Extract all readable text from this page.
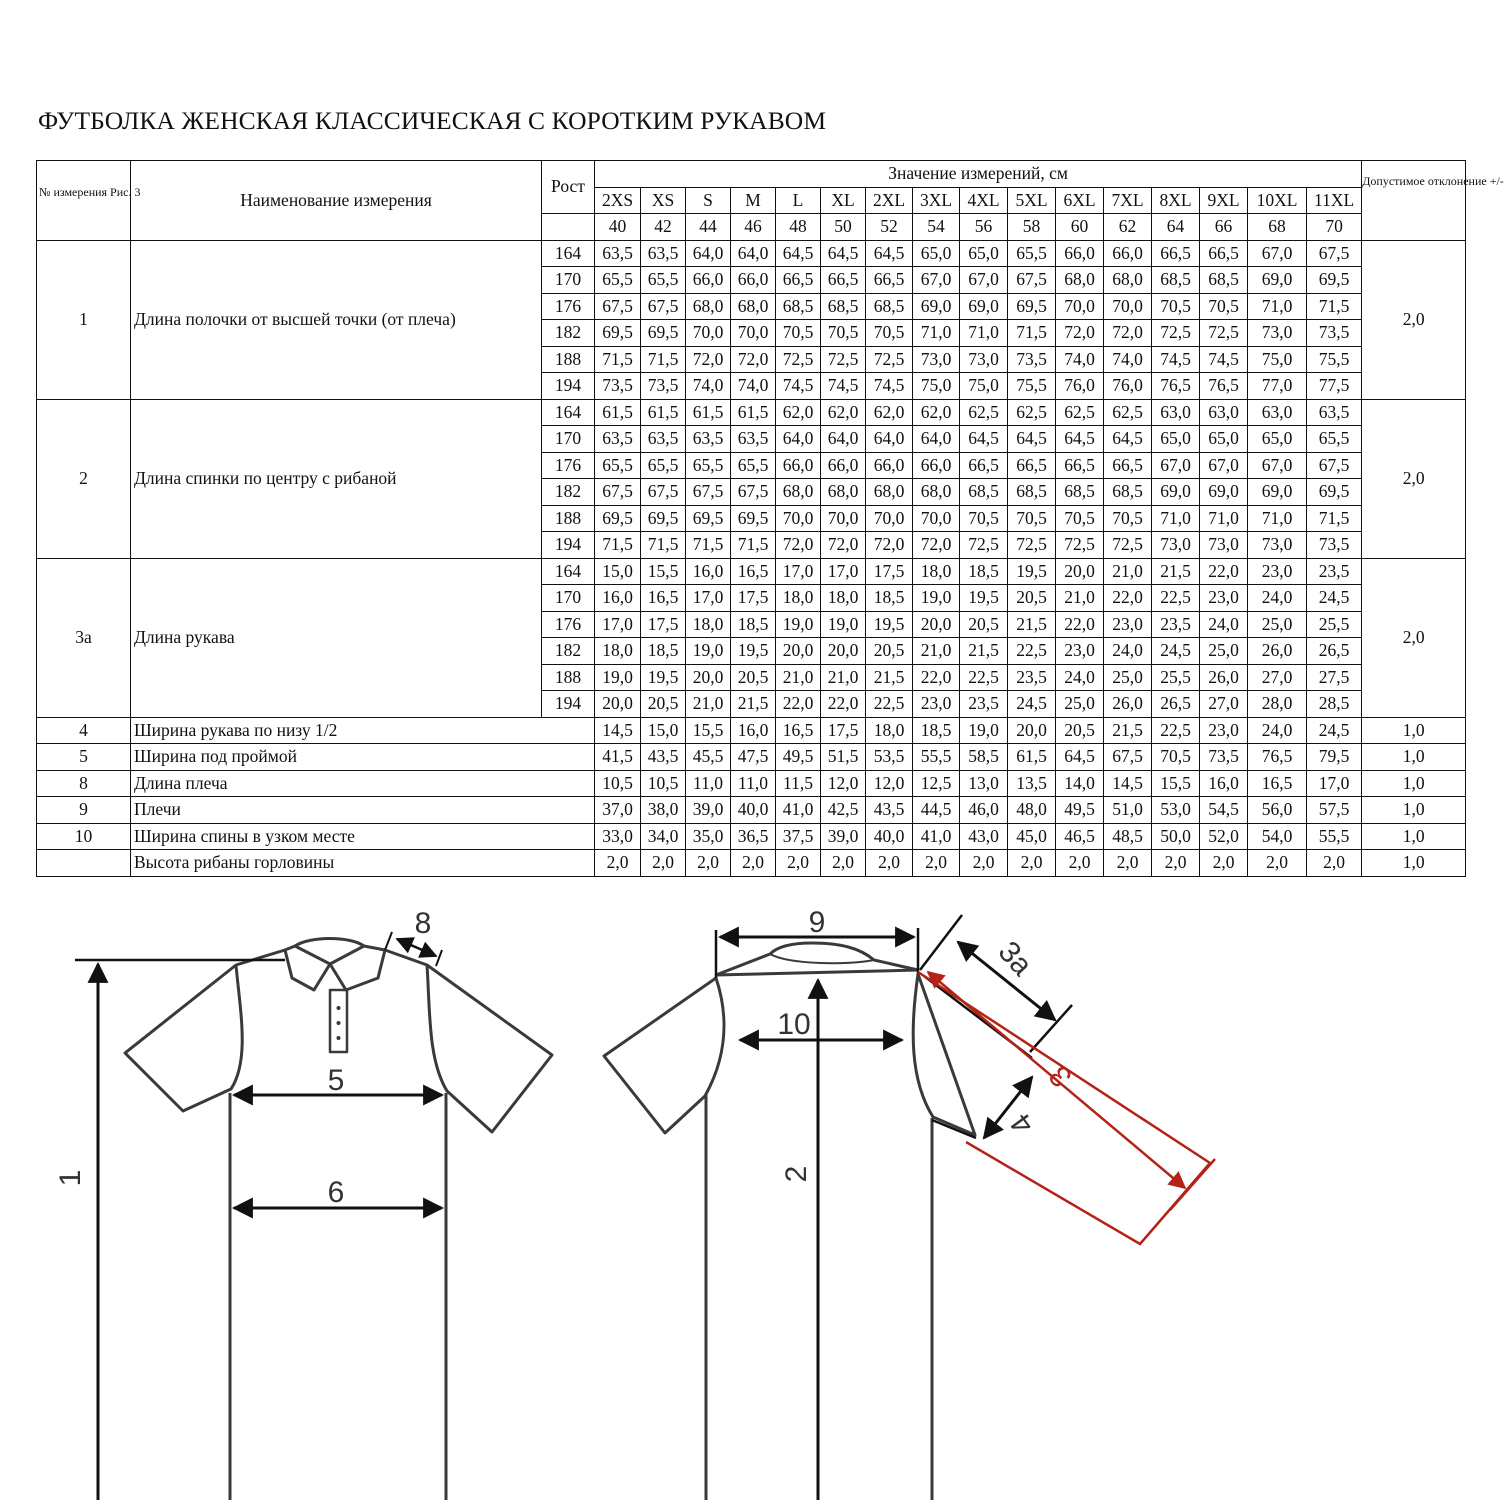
ФУТБОЛКА ЖЕНСКАЯ КЛАССИЧЕСКАЯ С КОРОТКИМ РУКАВОМ
№ измерения Рис. 3	Наименование измерения	Рост	Значение измерений, см																Допустимое отклонение +/-
			2XS	XS	S	M	L	XL	2XL	3XL	4XL	5XL	6XL	7XL	8XL	9XL	10XL	11XL	
			40	42	44	46	48	50	52	54	56	58	60	62	64	66	68	70	
1	Длина полочки от высшей точки (от плеча)	164	63,5	63,5	64,0	64,0	64,5	64,5	64,5	65,0	65,0	65,5	66,0	66,0	66,5	66,5	67,0	67,5	2,0
		170	65,5	65,5	66,0	66,0	66,5	66,5	66,5	67,0	67,0	67,5	68,0	68,0	68,5	68,5	69,0	69,5	
		176	67,5	67,5	68,0	68,0	68,5	68,5	68,5	69,0	69,0	69,5	70,0	70,0	70,5	70,5	71,0	71,5	
		182	69,5	69,5	70,0	70,0	70,5	70,5	70,5	71,0	71,0	71,5	72,0	72,0	72,5	72,5	73,0	73,5	
		188	71,5	71,5	72,0	72,0	72,5	72,5	72,5	73,0	73,0	73,5	74,0	74,0	74,5	74,5	75,0	75,5	
		194	73,5	73,5	74,0	74,0	74,5	74,5	74,5	75,0	75,0	75,5	76,0	76,0	76,5	76,5	77,0	77,5	
2	Длина спинки по центру с рибаной	164	61,5	61,5	61,5	61,5	62,0	62,0	62,0	62,0	62,5	62,5	62,5	62,5	63,0	63,0	63,0	63,5	2,0
		170	63,5	63,5	63,5	63,5	64,0	64,0	64,0	64,0	64,5	64,5	64,5	64,5	65,0	65,0	65,0	65,5	
		176	65,5	65,5	65,5	65,5	66,0	66,0	66,0	66,0	66,5	66,5	66,5	66,5	67,0	67,0	67,0	67,5	
		182	67,5	67,5	67,5	67,5	68,0	68,0	68,0	68,0	68,5	68,5	68,5	68,5	69,0	69,0	69,0	69,5	
		188	69,5	69,5	69,5	69,5	70,0	70,0	70,0	70,0	70,5	70,5	70,5	70,5	71,0	71,0	71,0	71,5	
		194	71,5	71,5	71,5	71,5	72,0	72,0	72,0	72,0	72,5	72,5	72,5	72,5	73,0	73,0	73,0	73,5	
3а	Длина рукава	164	15,0	15,5	16,0	16,5	17,0	17,0	17,5	18,0	18,5	19,5	20,0	21,0	21,5	22,0	23,0	23,5	2,0
		170	16,0	16,5	17,0	17,5	18,0	18,0	18,5	19,0	19,5	20,5	21,0	22,0	22,5	23,0	24,0	24,5	
		176	17,0	17,5	18,0	18,5	19,0	19,0	19,5	20,0	20,5	21,5	22,0	23,0	23,5	24,0	25,0	25,5	
		182	18,0	18,5	19,0	19,5	20,0	20,0	20,5	21,0	21,5	22,5	23,0	24,0	24,5	25,0	26,0	26,5	
		188	19,0	19,5	20,0	20,5	21,0	21,0	21,5	22,0	22,5	23,5	24,0	25,0	25,5	26,0	27,0	27,5	
		194	20,0	20,5	21,0	21,5	22,0	22,0	22,5	23,0	23,5	24,5	25,0	26,0	26,5	27,0	28,0	28,5	
4	Ширина рукава по низу 1/2		14,5	15,0	15,5	16,0	16,5	17,5	18,0	18,5	19,0	20,0	20,5	21,5	22,5	23,0	24,0	24,5	1,0
5	Ширина под проймой		41,5	43,5	45,5	47,5	49,5	51,5	53,5	55,5	58,5	61,5	64,5	67,5	70,5	73,5	76,5	79,5	1,0
8	Длина плеча		10,5	10,5	11,0	11,0	11,5	12,0	12,0	12,5	13,0	13,5	14,0	14,5	15,5	16,0	16,5	17,0	1,0
9	Плечи		37,0	38,0	39,0	40,0	41,0	42,5	43,5	44,5	46,0	48,0	49,5	51,0	53,0	54,5	56,0	57,5	1,0
10	Ширина спины в узком месте		33,0	34,0	35,0	36,5	37,5	39,0	40,0	41,0	43,0	45,0	46,5	48,5	50,0	52,0	54,0	55,5	1,0
	Высота рибаны горловины		2,0	2,0	2,0	2,0	2,0	2,0	2,0	2,0	2,0	2,0	2,0	2,0	2,0	2,0	2,0	2,0	1,0
1
5
6
8	9
10
2
3а
4
3
